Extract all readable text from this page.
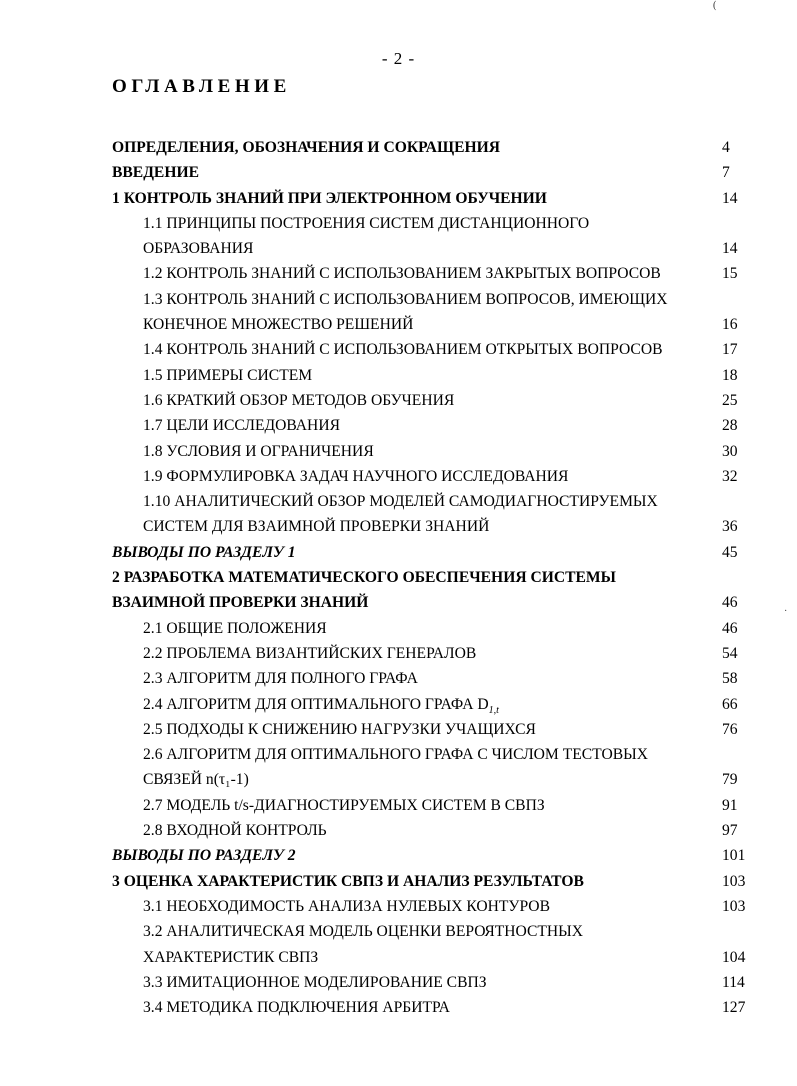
(
·
- 2 -
ОГЛАВЛЕНИЕ
ОПРЕДЕЛЕНИЯ, ОБОЗНАЧЕНИЯ И СОКРАЩЕНИЯ	4
ВВЕДЕНИЕ	7
1 КОНТРОЛЬ ЗНАНИЙ ПРИ ЭЛЕКТРОННОМ ОБУЧЕНИИ	14
1.1 ПРИНЦИПЫ ПОСТРОЕНИЯ СИСТЕМ ДИСТАНЦИОННОГО
ОБРАЗОВАНИЯ	14
1.2 КОНТРОЛЬ ЗНАНИЙ С ИСПОЛЬЗОВАНИЕМ ЗАКРЫТЫХ ВОПРОСОВ	15
1.3 КОНТРОЛЬ ЗНАНИЙ С ИСПОЛЬЗОВАНИЕМ ВОПРОСОВ, ИМЕЮЩИХ
КОНЕЧНОЕ МНОЖЕСТВО РЕШЕНИЙ	16
1.4 КОНТРОЛЬ ЗНАНИЙ С ИСПОЛЬЗОВАНИЕМ ОТКРЫТЫХ ВОПРОСОВ	17
1.5 ПРИМЕРЫ СИСТЕМ	18
1.6 КРАТКИЙ ОБЗОР МЕТОДОВ ОБУЧЕНИЯ	25
1.7 ЦЕЛИ ИССЛЕДОВАНИЯ	28
1.8 УСЛОВИЯ И ОГРАНИЧЕНИЯ	30
1.9 ФОРМУЛИРОВКА ЗАДАЧ НАУЧНОГО ИССЛЕДОВАНИЯ	32
1.10 АНАЛИТИЧЕСКИЙ ОБЗОР МОДЕЛЕЙ САМОДИАГНОСТИРУЕМЫХ
СИСТЕМ ДЛЯ ВЗАИМНОЙ ПРОВЕРКИ ЗНАНИЙ	36
ВЫВОДЫ ПО РАЗДЕЛУ 1	45
2 РАЗРАБОТКА МАТЕМАТИЧЕСКОГО ОБЕСПЕЧЕНИЯ СИСТЕМЫ
ВЗАИМНОЙ ПРОВЕРКИ ЗНАНИЙ	46
2.1 ОБЩИЕ ПОЛОЖЕНИЯ	46
2.2 ПРОБЛЕМА ВИЗАНТИЙСКИХ ГЕНЕРАЛОВ	54
2.3 АЛГОРИТМ ДЛЯ ПОЛНОГО ГРАФА	58
2.4 АЛГОРИТМ ДЛЯ ОПТИМАЛЬНОГО ГРАФА $D_{1,t}$	66
2.5 ПОДХОДЫ К СНИЖЕНИЮ НАГРУЗКИ УЧАЩИХСЯ	76
2.6 АЛГОРИТМ ДЛЯ ОПТИМАЛЬНОГО ГРАФА С ЧИСЛОМ ТЕСТОВЫХ
СВЯЗЕЙ n(τ₁-1)	79
2.7 МОДЕЛЬ t/s-ДИАГНОСТИРУЕМЫХ СИСТЕМ В СВПЗ	91
2.8 ВХОДНОЙ КОНТРОЛЬ	97
ВЫВОДЫ ПО РАЗДЕЛУ 2	101
3 ОЦЕНКА ХАРАКТЕРИСТИК СВПЗ И АНАЛИЗ РЕЗУЛЬТАТОВ	103
3.1 НЕОБХОДИМОСТЬ АНАЛИЗА НУЛЕВЫХ КОНТУРОВ	103
3.2 АНАЛИТИЧЕСКАЯ МОДЕЛЬ ОЦЕНКИ ВЕРОЯТНОСТНЫХ
ХАРАКТЕРИСТИК СВПЗ	104
3.3 ИМИТАЦИОННОЕ МОДЕЛИРОВАНИЕ СВПЗ	114
3.4 МЕТОДИКА ПОДКЛЮЧЕНИЯ АРБИТРА	127
